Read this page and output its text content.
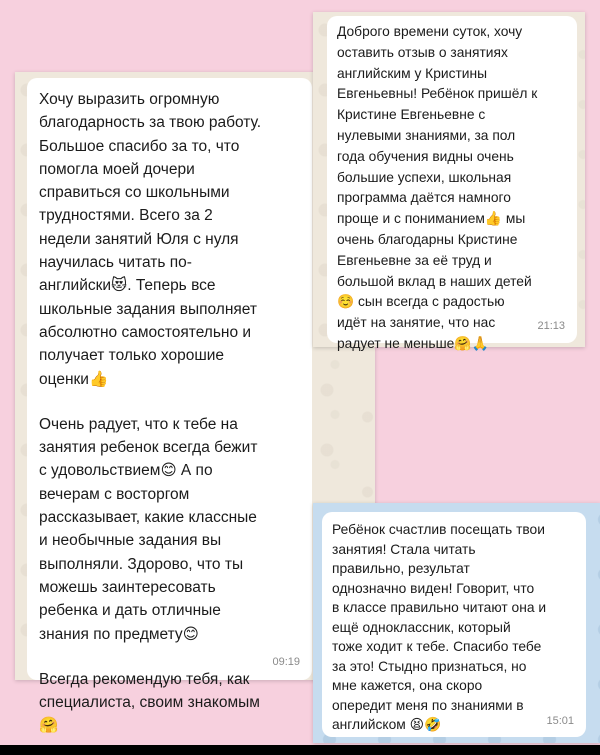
Хочу выразить огромную
благодарность за твою работу.
Большое спасибо за то, что
помогла моей дочери
справиться со школьными
трудностями. Всего за 2
недели занятий Юля с нуля
научилась читать по-
английски😻. Теперь все
школьные задания выполняет
абсолютно самостоятельно и
получает только хорошие
оценки👍

Очень радует, что к тебе на
занятия ребенок всегда бежит
с удовольствием😊 А по
вечерам с восторгом
рассказывает, какие классные
и необычные задания вы
выполняли. Здорово, что ты
можешь заинтересовать
ребенка и дать отличные
знания по предмету😊

Всегда рекомендую тебя, как
специалиста, своим знакомым
🤗

09:19

Доброго времени суток, хочу
оставить отзыв о занятиях
английским у Кристины
Евгеньевны! Ребёнок пришёл к
Кристине Евгеньевне с
нулевыми знаниями, за пол
года обучения видны очень
большие успехи, школьная
программа даётся намного
проще и с пониманием👍 мы
очень благодарны Кристине
Евгеньевне за её труд и
большой вклад в наших детей
☺️ сын всегда с радостью
идёт на занятие, что нас
радует не меньше🤗🙏

21:13

Ребёнок счастлив посещать твои
занятия! Стала читать
правильно, результат
однозначно виден! Говорит, что
в классе правильно читают она и
ещё одноклассник, который
тоже ходит к тебе. Спасибо тебе
за это! Стыдно признаться, но
мне кажется, она скоро
опередит меня по знаниями в
английском 😫🤣	15:01
